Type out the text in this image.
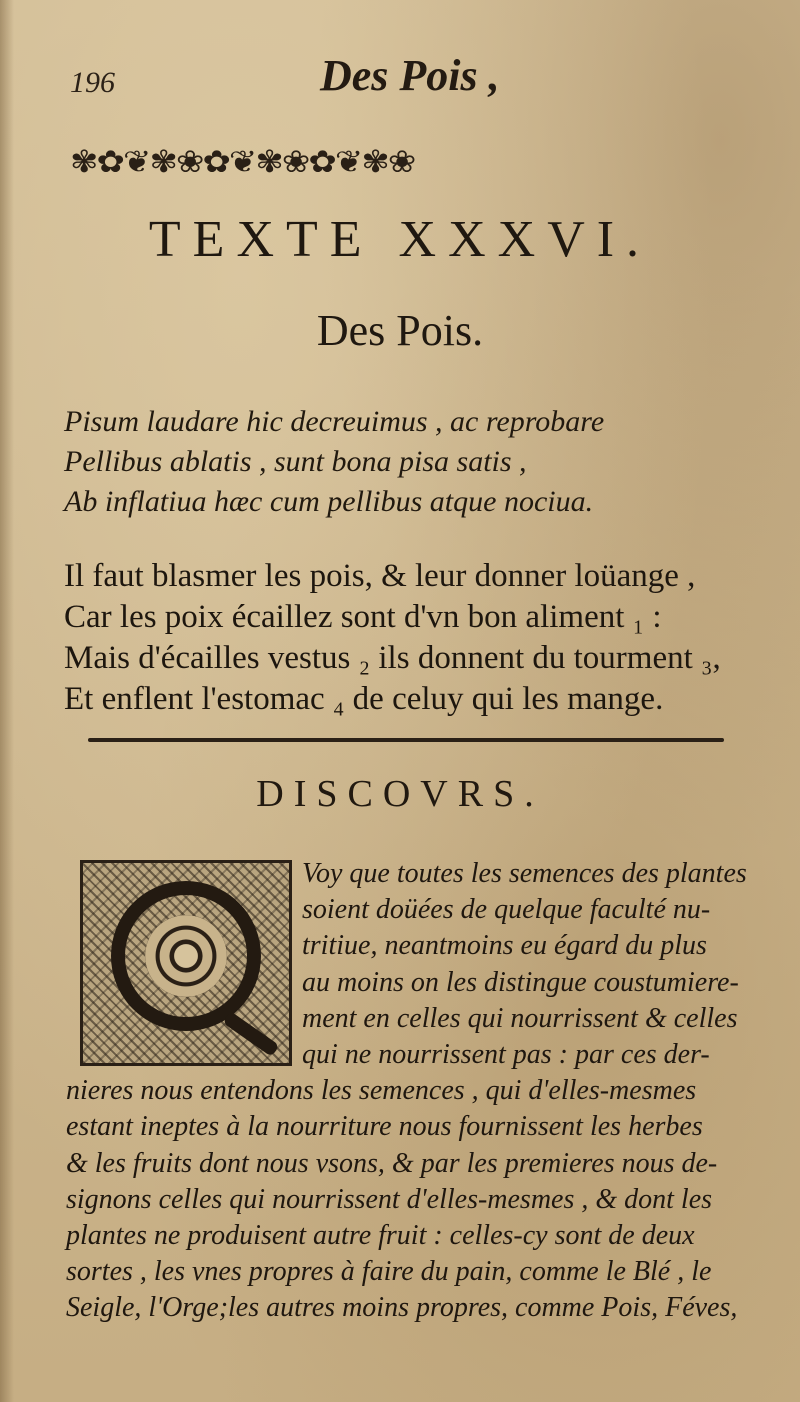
196	Des Pois ,
✾✿❦✾❀✿❦✾❀✿❦✾❀
TEXTE XXXVI.
Des Pois.
Pisum laudare hic decreuimus , ac reprobare
Pellibus ablatis , sunt bona pisa satis ,
Ab inflatiua hæc cum pellibus atque nociua.
Il faut blasmer les pois, & leur donner loüange ,
Car les poix écaillez sont d'vn bon aliment ₁ :
Mais d'écailles vestus ₂ ils donnent du tourment ₃,
Et enflent l'estomac ₄ de celuy qui les mange.
DISCOVRS.
Voy que toutes les semences des plantes
soient doüées de quelque faculté nu-
tritiue, neantmoins eu égard du plus
au moins on les distingue coustumiere-
ment en celles qui nourrissent & celles
qui ne nourrissent pas : par ces der-
nieres nous entendons les semences , qui d'elles-mesmes
estant ineptes à la nourriture nous fournissent les herbes
& les fruits dont nous vsons, & par les premieres nous de-
signons celles qui nourrissent d'elles-mesmes , & dont les
plantes ne produisent autre fruit : celles-cy sont de deux
sortes , les vnes propres à faire du pain, comme le Blé , le
Seigle, l'Orge;les autres moins propres, comme Pois, Féves,
